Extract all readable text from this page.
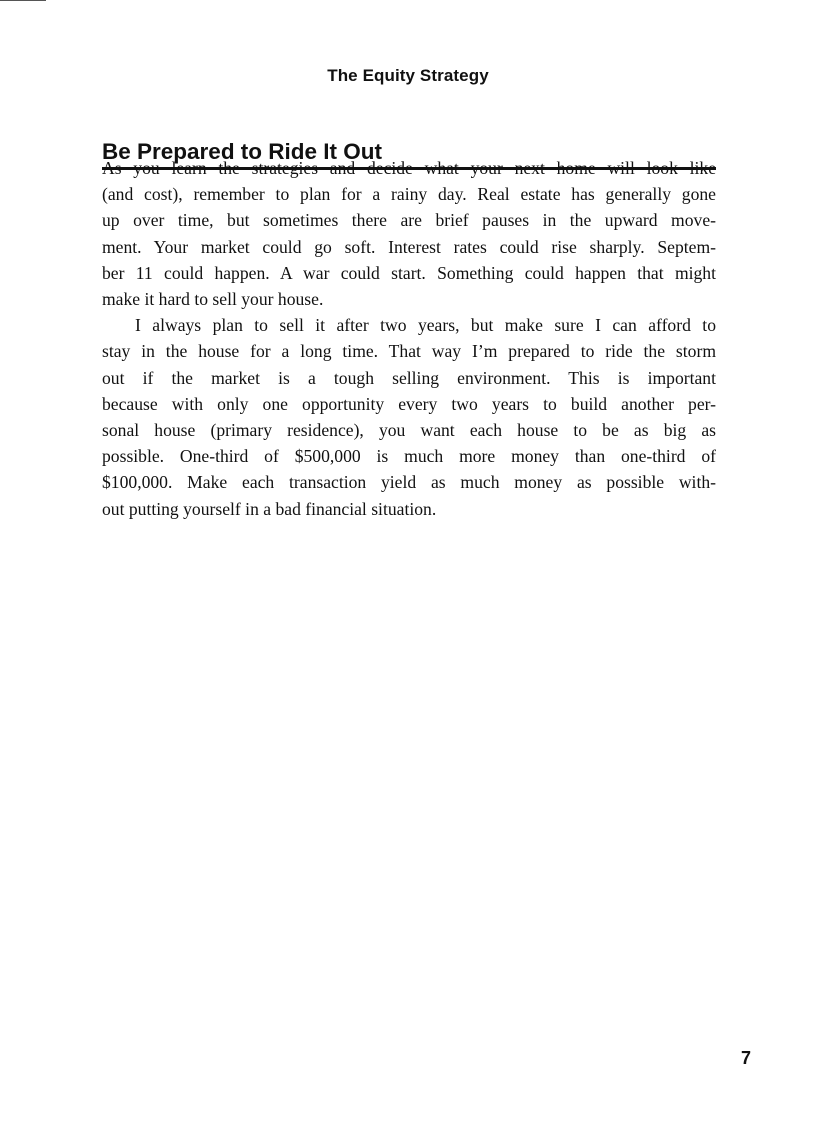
The Equity Strategy
Be Prepared to Ride It Out

As you learn the strategies and decide what your next home will look like
(and cost), remember to plan for a rainy day. Real estate has generally gone
up over time, but sometimes there are brief pauses in the upward move-
ment. Your market could go soft. Interest rates could rise sharply. Septem-
ber 11 could happen. A war could start. Something could happen that might
make it hard to sell your house.

I always plan to sell it after two years, but make sure I can afford to
stay in the house for a long time. That way I’m prepared to ride the storm
out if the market is a tough selling environment. This is important
because with only one opportunity every two years to build another per-
sonal house (primary residence), you want each house to be as big as
possible. One-third of $500,000 is much more money than one-third of
$100,000. Make each transaction yield as much money as possible with-
out putting yourself in a bad financial situation.

7
